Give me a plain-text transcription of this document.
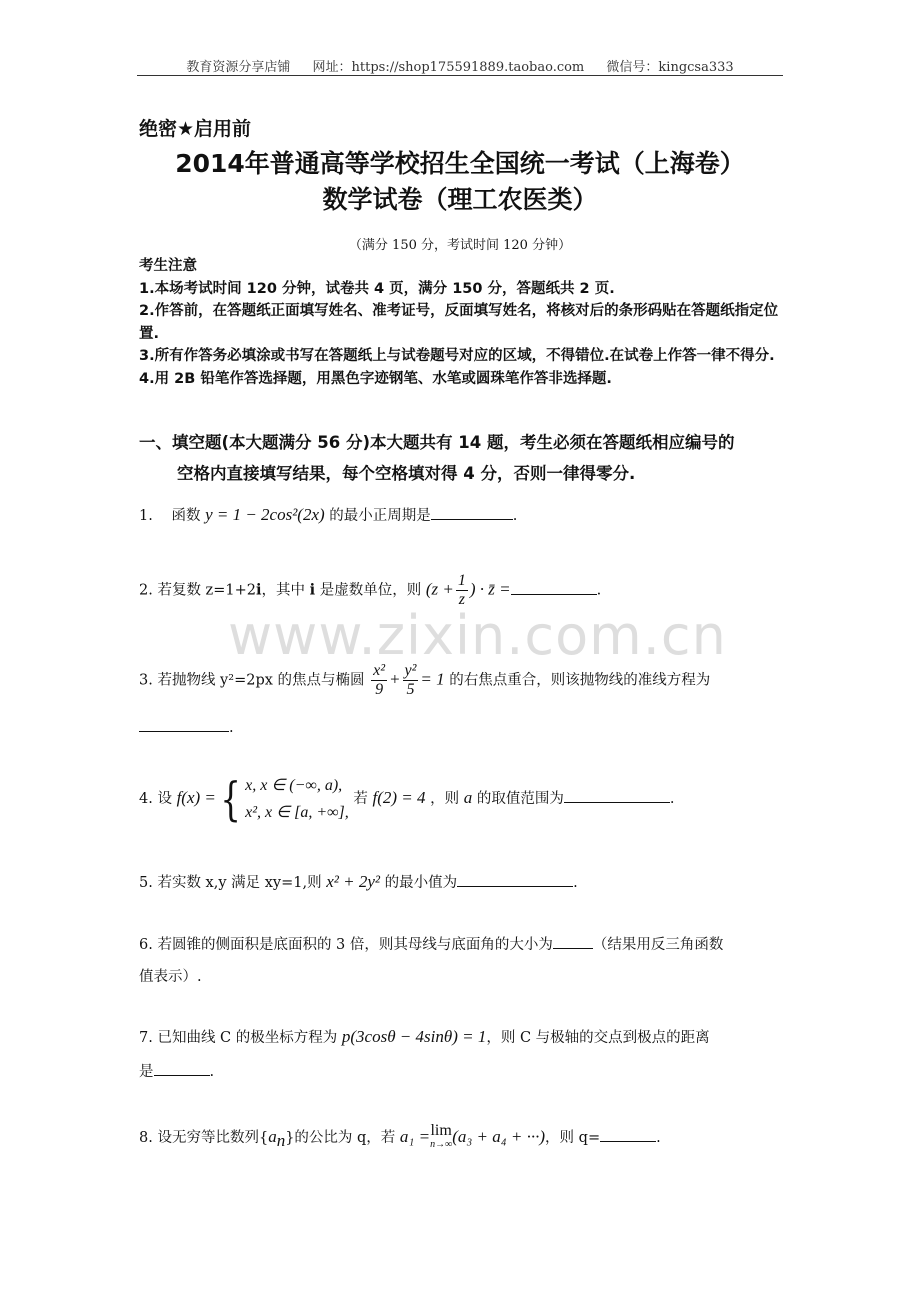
教育资源分享店铺 网址：https://shop175591889.taobao.com 微信号：kingcsa333
www.zixin.com.cn
绝密★启用前
2014年普通高等学校招生全国统一考试（上海卷）
数学试卷（理工农医类）
（满分 150 分，考试时间 120 分钟）
考生注意
1.本场考试时间 120 分钟，试卷共 4 页，满分 150 分，答题纸共 2 页.
2.作答前，在答题纸正面填写姓名、准考证号，反面填写姓名，将核对后的条形码贴在答题纸指定位置.
3.所有作答务必填涂或书写在答题纸上与试卷题号对应的区域，不得错位.在试卷上作答一律不得分.
4.用 2B 铅笔作答选择题，用黑色字迹钢笔、水笔或圆珠笔作答非选择题.
一、填空题(本大题满分 56 分)本大题共有 14 题，考生必须在答题纸相应编号的
空格内直接填写结果，每个空格填对得 4 分，否则一律得零分.
1. 函数 y = 1 − 2cos²(2x) 的最小正周期是	.
2. 若复数 z=1+2i，其中 i 是虚数单位，则 ($z + \frac{1}{z}$ ) · z̄ =	.
3. 若抛物线 y²=2px 的焦点与椭圆 $\frac{\text{x²}}{9} + \frac{\text{y²}}{5} = 1$ 的右焦点重合，则该抛物线的准线方程为
.
4. 设 f(x) ={ x, x ∈ (−∞, a),
x², x ∈ [a, +∞],
若 f(2) = 4 ，则 a 的取值范围为	.
5. 若实数 x,y 满足 xy=1,则 x² + 2y² 的最小值为	.
6. 若圆锥的侧面积是底面积的 3 倍，则其母线与底面角的大小为	（结果用反三角函数
值表示）.
7. 已知曲线 C 的极坐标方程为 p(3cosθ − 4sinθ) = 1，则 C 与极轴的交点到极点的距离
是	.
8. 设无穷等比数列$\{a_n\}$的公比为 q，若 a₁ = lim
n→∞ (a₃ + a₄ + ···)，则 q=	.
